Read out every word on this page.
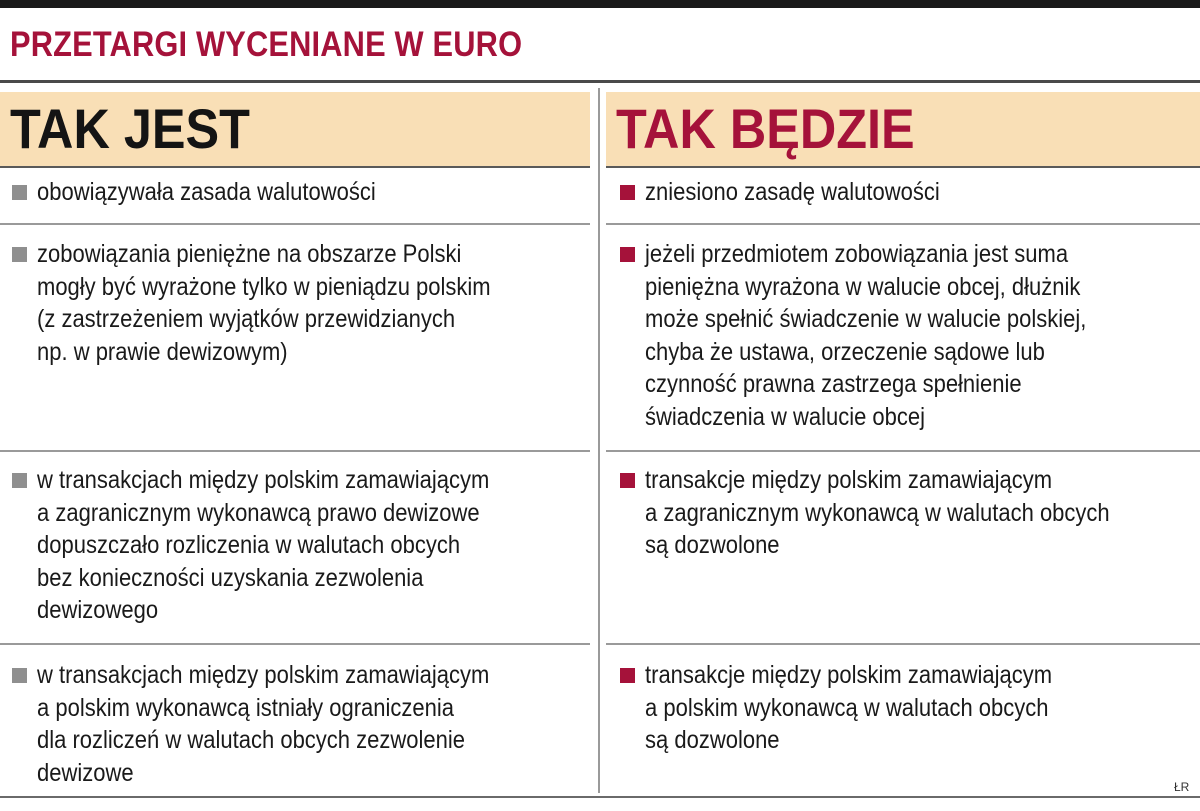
PRZETARGI WYCENIANE W EURO
TAK JEST	TAK BĘDZIE
obowiązywała zasada walutowości	zniesiono zasadę walutowości
zobowiązania pieniężne na obszarze Polski
mogły być wyrażone tylko w pieniądzu polskim
(z zastrzeżeniem wyjątków przewidzianych
np. w prawie dewizowym)
jeżeli przedmiotem zobowiązania jest suma
pieniężna wyrażona w walucie obcej, dłużnik
może spełnić świadczenie w walucie polskiej,
chyba że ustawa, orzeczenie sądowe lub
czynność prawna zastrzega spełnienie
świadczenia w walucie obcej
w transakcjach między polskim zamawiającym
a zagranicznym wykonawcą prawo dewizowe
dopuszczało rozliczenia w walutach obcych
bez konieczności uzyskania zezwolenia
dewizowego
transakcje między polskim zamawiającym
a zagranicznym wykonawcą w walutach obcych
są dozwolone
w transakcjach między polskim zamawiającym
a polskim wykonawcą istniały ograniczenia
dla rozliczeń w walutach obcych zezwolenie
dewizowe
transakcje między polskim zamawiającym
a polskim wykonawcą w walutach obcych
są dozwolone
ŁR
